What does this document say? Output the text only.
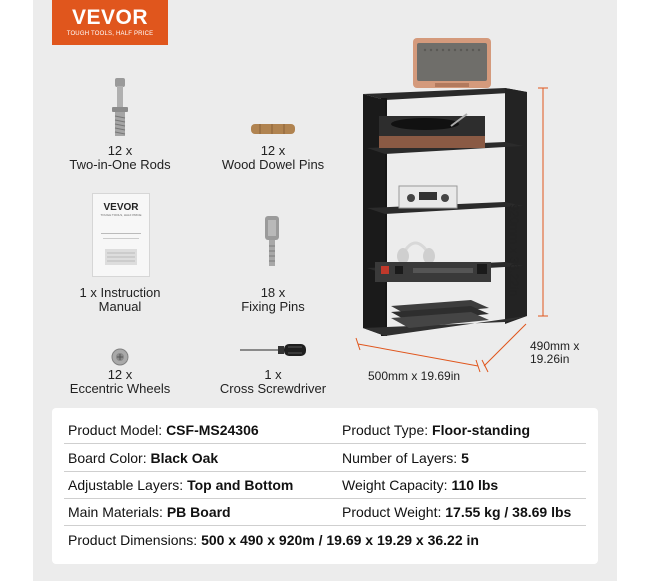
VEVOR
TOUGH TOOLS, HALF PRICE
12 x
Two-in-One Rods
12 x
Wood Dowel Pins
VEVOR
TOUGH TOOLS, HALF PRICE
1 x Instruction
Manual
18 x
Fixing Pins
12 x
Eccentric Wheels
1 x
Cross Screwdriver
920mm x 36.22in
500mm x 19.69in
490mm x
19.26in
Product Model: CSF-MS24306	Product Type: Floor-standing
Board Color: Black Oak	Number of Layers: 5
Adjustable Layers: Top and Bottom	Weight Capacity: 110 lbs
Main Materials: PB Board	Product Weight: 17.55 kg / 38.69 lbs
Product Dimensions: 500 x 490 x 920m / 19.69 x 19.29 x 36.22 in
